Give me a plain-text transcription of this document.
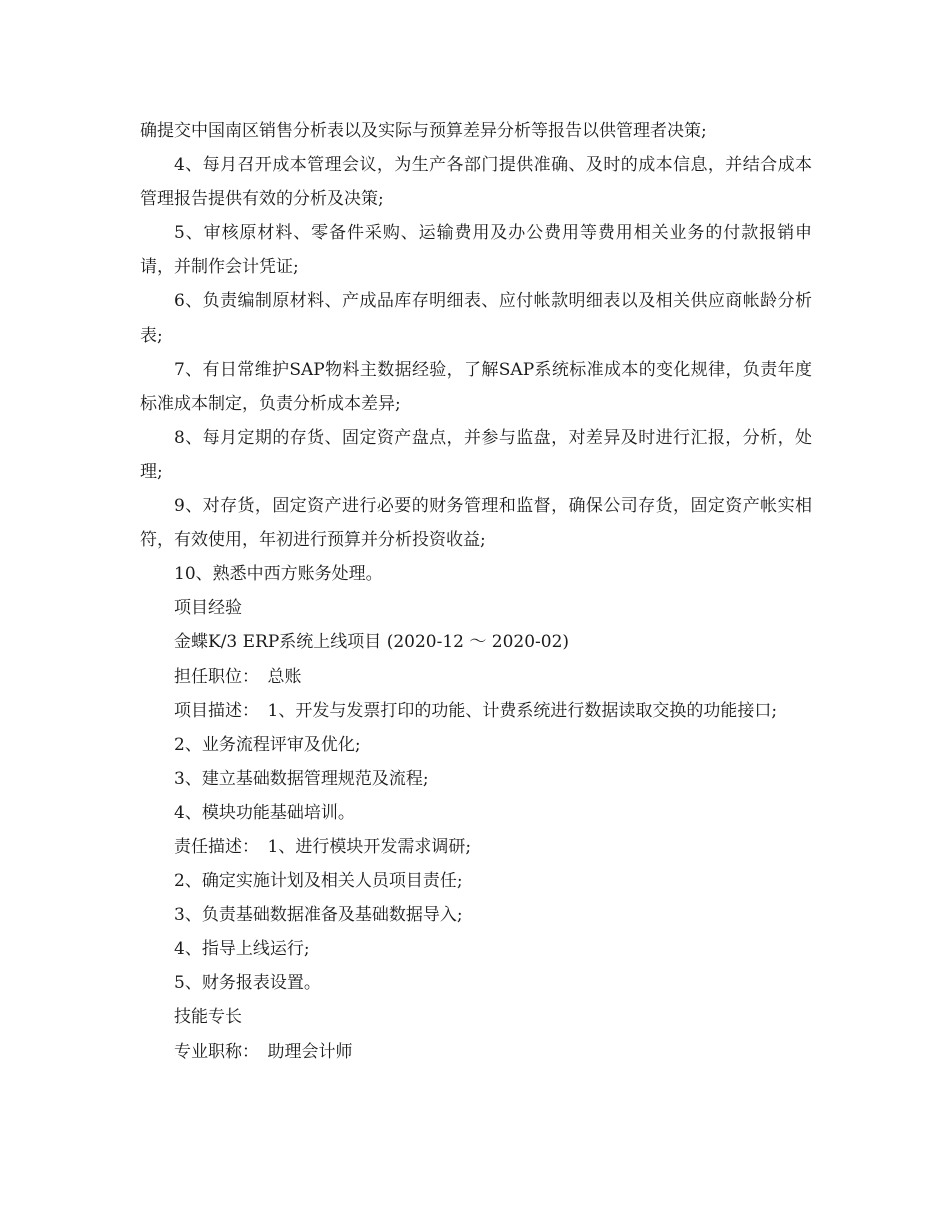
确提交中国南区销售分析表以及实际与预算差异分析等报告以供管理者决策;

4、每月召开成本管理会议，为生产各部门提供准确、及时的成本信息，并结合成本管理报告提供有效的分析及决策;

5、审核原材料、零备件采购、运输费用及办公费用等费用相关业务的付款报销申请，并制作会计凭证;

6、负责编制原材料、产成品库存明细表、应付帐款明细表以及相关供应商帐龄分析表;

7、有日常维护SAP物料主数据经验，了解SAP系统标准成本的变化规律，负责年度标准成本制定，负责分析成本差异;

8、每月定期的存货、固定资产盘点，并参与监盘，对差异及时进行汇报，分析，处理;

9、对存货，固定资产进行必要的财务管理和监督，确保公司存货，固定资产帐实相符，有效使用，年初进行预算并分析投资收益;

10、熟悉中西方账务处理。

项目经验

金蝶K/3 ERP系统上线项目 (2020-12 ～ 2020-02)

担任职位：　总账

项目描述：　1、开发与发票打印的功能、计费系统进行数据读取交换的功能接口;

2、业务流程评审及优化;

3、建立基础数据管理规范及流程;

4、模块功能基础培训。

责任描述：　1、进行模块开发需求调研;

2、确定实施计划及相关人员项目责任;

3、负责基础数据准备及基础数据导入;

4、指导上线运行;

5、财务报表设置。

技能专长

专业职称：　助理会计师
